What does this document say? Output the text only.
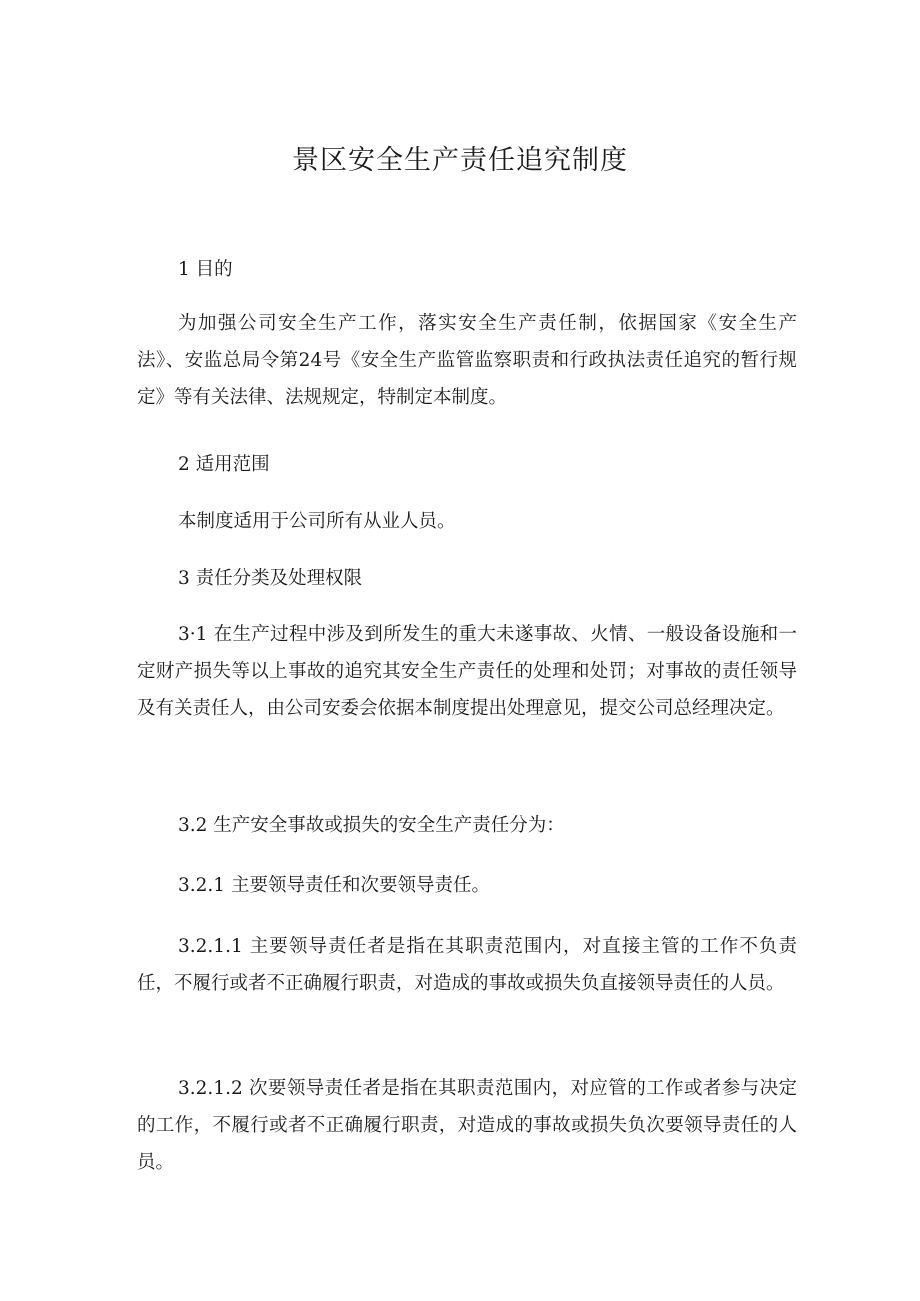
景区安全生产责任追究制度

1 目的

为加强公司安全生产工作，落实安全生产责任制，依据国家《安全生产法》、安监总局令第24号《安全生产监管监察职责和行政执法责任追究的暂行规定》等有关法律、法规规定，特制定本制度。

2 适用范围

本制度适用于公司所有从业人员。

3 责任分类及处理权限

3·1 在生产过程中涉及到所发生的重大未遂事故、火情、一般设备设施和一定财产损失等以上事故的追究其安全生产责任的处理和处罚；对事故的责任领导及有关责任人，由公司安委会依据本制度提出处理意见，提交公司总经理决定。

3.2 生产安全事故或损失的安全生产责任分为：

3.2.1 主要领导责任和次要领导责任。

3.2.1.1 主要领导责任者是指在其职责范围内，对直接主管的工作不负责任，不履行或者不正确履行职责，对造成的事故或损失负直接领导责任的人员。

3.2.1.2 次要领导责任者是指在其职责范围内，对应管的工作或者参与决定的工作，不履行或者不正确履行职责，对造成的事故或损失负次要领导责任的人员。
